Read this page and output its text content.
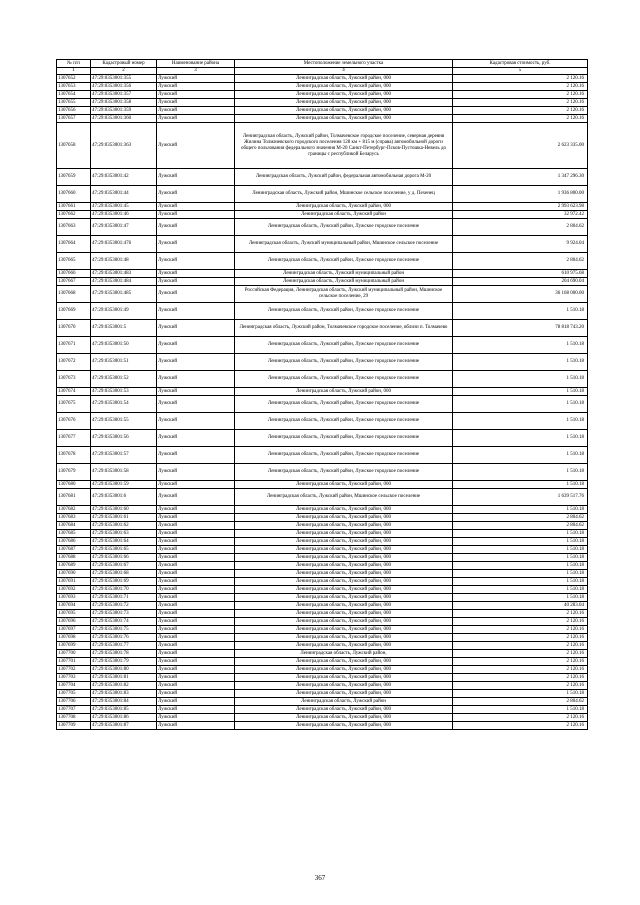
№ п/п	Кадастровый номер	Наименование района	Местоположение земельного участка	Кадастровая стоимость, руб.
1	2	3	4	5
1307652	47:29:0353001:355	Лужский	Ленинградская область, Лужский район, 000	2 120.16
1307653	47:29:0353001:356	Лужский	Ленинградская область, Лужский район, 000	2 120.16
1307654	47:29:0353001:357	Лужский	Ленинградская область, Лужский район, 000	2 120.16
1307655	47:29:0353001:358	Лужский	Ленинградская область, Лужский район, 000	2 120.16
1307656	47:29:0353001:359	Лужский	Ленинградская область, Лужский район, 000	2 120.16
1307657	47:29:0353001:360	Лужский	Ленинградская область, Лужский район, 000	2 120.16
1307658	47:29:0353001:363	Лужский	Ленинградская область, Лужский район, Толмачевское городское поселение, северная деревня Жилина Толмачевского городского поселения 128 км + 815 м (справа) автомобильной дороги общего пользования федерального значения М-20 Санкт-Петербург-Псков-Пустошка-Невель до границы с республикой Беларусь	2 623 335.00
1307659	47:29:0353001:42	Лужский	Ленинградская область, Лужский район, федеральная автомобильная дорога М-20	1 347 296.30
1307660	47:29:0353001:44	Лужский	Ленинградская область, Лужский район, Мшинское сельское поселение, у д. Пехенец	1 936 800.00
1307661	47:29:0353001:45	Лужский	Ленинградская область, Лужский район, 000	2 993 623.98
1307662	47:29:0353001:46	Лужский	Ленинградская область, Лужский район	32 972.42
1307663	47:29:0353001:47	Лужский	Ленинградская область, Лужский район, Лужское городское поселение	2 804.62
1307664	47:29:0353001:476	Лужский	Ленинградская область, Лужский муниципальный район, Мшинское сельское поселение	9 924.04
1307665	47:29:0353001:48	Лужский	Ленинградская область, Лужский район, Лужское городское поселение	2 804.62
1307666	47:29:0353001:483	Лужский	Ленинградская область, Лужский муниципальный район	610 975.68
1307667	47:29:0353001:484	Лужский	Ленинградская область, Лужский муниципальный район	204 690.04
1307668	47:29:0353001:485	Лужский	Российская Федерация, Ленинградская область, Лужский муниципальный район, Мшинское сельское поселение, 29	36 168 000.00
1307669	47:29:0353001:49	Лужский	Ленинградская область, Лужский район, Лужское городское поселение	1 510.18
1307670	47:29:0353001:5	Лужский	Ленинградская область, Лужский район, Толмачевское городское поселение, вблизи п. Толмачево	78 818 743.20
1307671	47:29:0353001:50	Лужский	Ленинградская область, Лужский район, Лужское городское поселение	1 510.18
1307672	47:29:0353001:51	Лужский	Ленинградская область, Лужский район, Лужское городское поселение	1 510.18
1307673	47:29:0353001:52	Лужский	Ленинградская область, Лужский район, Лужское городское поселение	1 510.18
1307674	47:29:0353001:53	Лужский	Ленинградская область, Лужский район, 000	1 510.18
1307675	47:29:0353001:54	Лужский	Ленинградская область, Лужский район, Лужское городское поселение	1 510.18
1307676	47:29:0353001:55	Лужский	Ленинградская область, Лужский район, Лужское городское поселение	1 510.18
1307677	47:29:0353001:56	Лужский	Ленинградская область, Лужский район, Лужское городское поселение	1 510.18
1307678	47:29:0353001:57	Лужский	Ленинградская область, Лужский район, Лужское городское поселение	1 510.18
1307679	47:29:0353001:58	Лужский	Ленинградская область, Лужский район, Лужское городское поселение	1 510.18
1307680	47:29:0353001:59	Лужский	Ленинградская область, Лужский район, 000	1 510.18
1307681	47:29:0353001:6	Лужский	Ленинградская область, Лужский район, Мшинское сельское поселение	1 639 517.76
1307682	47:29:0353001:60	Лужский	Ленинградская область, Лужский район, 000	1 510.18
1307683	47:29:0353001:61	Лужский	Ленинградская область, Лужский район, 000	2 804.62
1307684	47:29:0353001:62	Лужский	Ленинградская область, Лужский район, 000	2 804.62
1307685	47:29:0353001:63	Лужский	Ленинградская область, Лужский район, 000	1 510.18
1307686	47:29:0353001:64	Лужский	Ленинградская область, Лужский район, 000	1 510.18
1307687	47:29:0353001:65	Лужский	Ленинградская область, Лужский район, 000	1 510.18
1307688	47:29:0353001:66	Лужский	Ленинградская область, Лужский район, 000	1 510.18
1307689	47:29:0353001:67	Лужский	Ленинградская область, Лужский район, 000	1 510.18
1307690	47:29:0353001:68	Лужский	Ленинградская область, Лужский район, 000	1 510.18
1307691	47:29:0353001:69	Лужский	Ленинградская область, Лужский район, 000	1 510.18
1307692	47:29:0353001:70	Лужский	Ленинградская область, Лужский район, 000	1 510.18
1307693	47:29:0353001:71	Лужский	Ленинградская область, Лужский район, 000	1 510.18
1307694	47:29:0353001:72	Лужский	Ленинградская область, Лужский район, 000	40 283.04
1307695	47:29:0353001:73	Лужский	Ленинградская область, Лужский район, 000	2 120.16
1307696	47:29:0353001:74	Лужский	Ленинградская область, Лужский район, 000	2 120.16
1307697	47:29:0353001:75	Лужский	Ленинградская область, Лужский район, 000	2 120.16
1307698	47:29:0353001:76	Лужский	Ленинградская область, Лужский район, 000	2 120.16
1307699	47:29:0353001:77	Лужский	Ленинградская область, Лужский район, 000	2 120.16
1307700	47:29:0353001:78	Лужский	Ленинградская область, Лужский район,	2 120.16
1307701	47:29:0353001:79	Лужский	Ленинградская область, Лужский район, 000	2 120.16
1307702	47:29:0353001:80	Лужский	Ленинградская область, Лужский район, 000	2 120.16
1307703	47:29:0353001:81	Лужский	Ленинградская область, Лужский район, 000	2 120.16
1307704	47:29:0353001:82	Лужский	Ленинградская область, Лужский район, 000	2 120.16
1307705	47:29:0353001:83	Лужский	Ленинградская область, Лужский район, 000	1 510.18
1307706	47:29:0353001:84	Лужский	Ленинградская область, Лужский район	2 804.62
1307707	47:29:0353001:85	Лужский	Ленинградская область, Лужский район, 000	1 510.18
1307708	47:29:0353001:86	Лужский	Ленинградская область, Лужский район, 000	2 120.16
1307709	47:29:0353001:87	Лужский	Ленинградская область, Лужский район, 000	2 120.16
367
